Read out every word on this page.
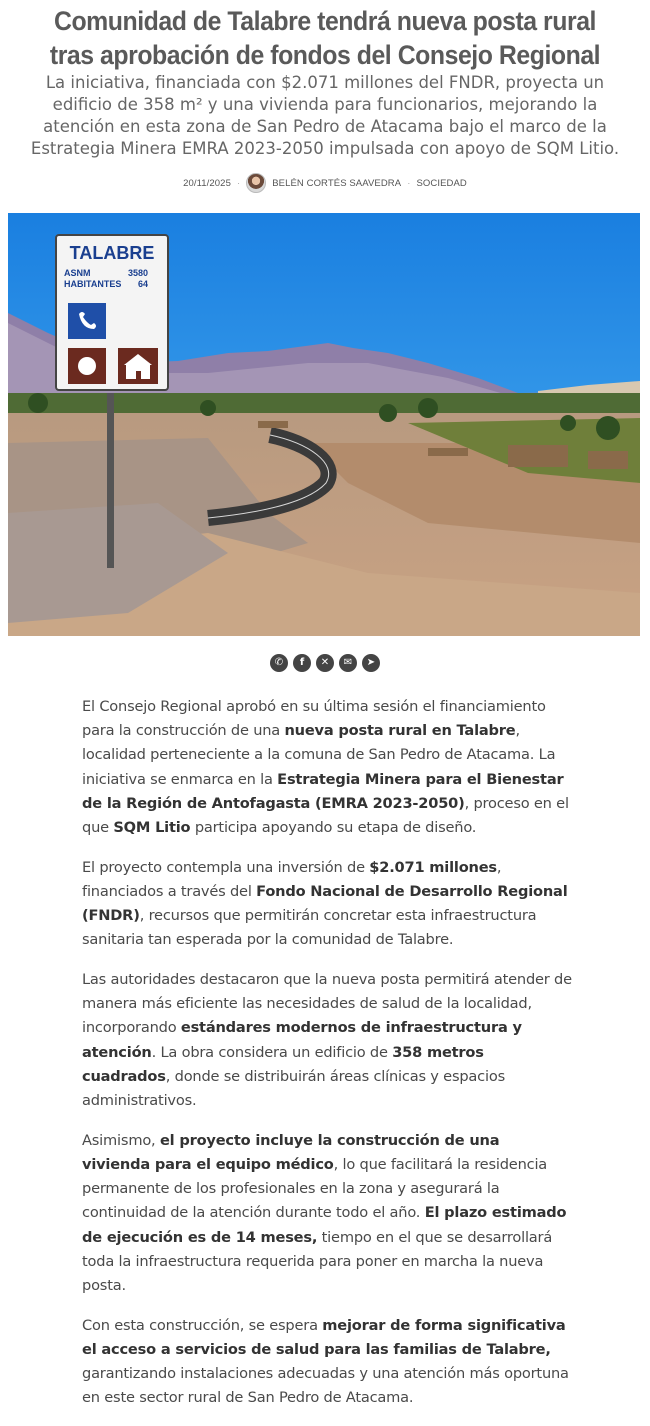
Comunidad de Talabre tendrá nueva posta rural tras aprobación de fondos del Consejo Regional

La iniciativa, financiada con $2.071 millones del FNDR, proyecta un edificio de 358 m² y una vivienda para funcionarios, mejorando la atención en esta zona de San Pedro de Atacama bajo el marco de la Estrategia Minera EMRA 2023-2050 impulsada con apoyo de SQM Litio.

20/11/2025 ·	BELÉN CORTÉS SAAVEDRA · SOCIEDAD
TALABRE
ASNM	3580
HABITANTES 64
✆	f	✕	✉	➤

El Consejo Regional aprobó en su última sesión el financiamiento para la construcción de una nueva posta rural en Talabre, localidad perteneciente a la comuna de San Pedro de Atacama. La iniciativa se enmarca en la Estrategia Minera para el Bienestar de la Región de Antofagasta (EMRA 2023-2050), proceso en el que SQM Litio participa apoyando su etapa de diseño.

El proyecto contempla una inversión de $2.071 millones, financiados a través del Fondo Nacional de Desarrollo Regional (FNDR), recursos que permitirán concretar esta infraestructura sanitaria tan esperada por la comunidad de Talabre.

Las autoridades destacaron que la nueva posta permitirá atender de manera más eficiente las necesidades de salud de la localidad, incorporando estándares modernos de infraestructura y atención. La obra considera un edificio de 358 metros cuadrados, donde se distribuirán áreas clínicas y espacios administrativos.

Asimismo, el proyecto incluye la construcción de una vivienda para el equipo médico, lo que facilitará la residencia permanente de los profesionales en la zona y asegurará la continuidad de la atención durante todo el año. El plazo estimado de ejecución es de 14 meses, tiempo en el que se desarrollará toda la infraestructura requerida para poner en marcha la nueva posta.

Con esta construcción, se espera mejorar de forma significativa el acceso a servicios de salud para las familias de Talabre, garantizando instalaciones adecuadas y una atención más oportuna en este sector rural de San Pedro de Atacama.
